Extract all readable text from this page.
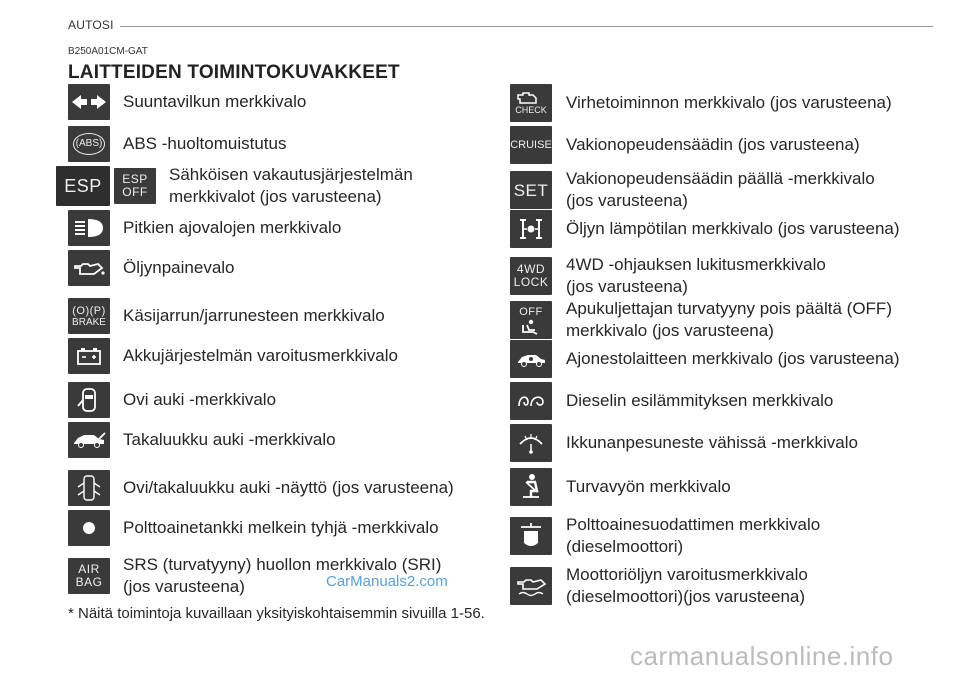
AUTOSI
B250A01CM-GAT
LAITTEIDEN TOIMINTOKUVAKKEET
Suuntavilkun merkkivalo
(ABS) ABS -huoltomuistutus
ESP ESP
OFF
Sähköisen vakautusjärjestelmän
merkkivalot (jos varusteena)
Pitkien ajovalojen merkkivalo
Öljynpainevalo
(O)(P)
BRAKE Käsijarrun/jarrunesteen merkkivalo
Akkujärjestelmän varoitusmerkkivalo
Ovi auki -merkkivalo
Takaluukku auki -merkkivalo
Ovi/takaluukku auki -näyttö (jos varusteena)
Polttoainetankki melkein tyhjä -merkkivalo
AIR
BAG
SRS (turvatyyny) huollon merkkivalo (SRI)
(jos varusteena)
CHECK Virhetoiminnon merkkivalo (jos varusteena)
CRUISE Vakionopeudensäädin (jos varusteena)
SET
Vakionopeudensäädin päällä -merkkivalo
(jos varusteena)
Öljyn lämpötilan merkkivalo (jos varusteena)
4WD
LOCK
4WD -ohjauksen lukitusmerkkivalo
(jos varusteena)
OFF Apukuljettajan turvatyyny pois päältä (OFF)
merkkivalo (jos varusteena)
Ajonestolaitteen merkkivalo (jos varusteena)
Dieselin esilämmityksen merkkivalo
Ikkunanpesuneste vähissä -merkkivalo
Turvavyön merkkivalo
Polttoainesuodattimen merkkivalo
(dieselmoottori)
Moottoriöljyn varoitusmerkkivalo
(dieselmoottori)(jos varusteena)
CarManuals2.com
* Näitä toimintoja kuvaillaan yksityiskohtaisemmin sivuilla 1-56.
carmanualsonline.info
